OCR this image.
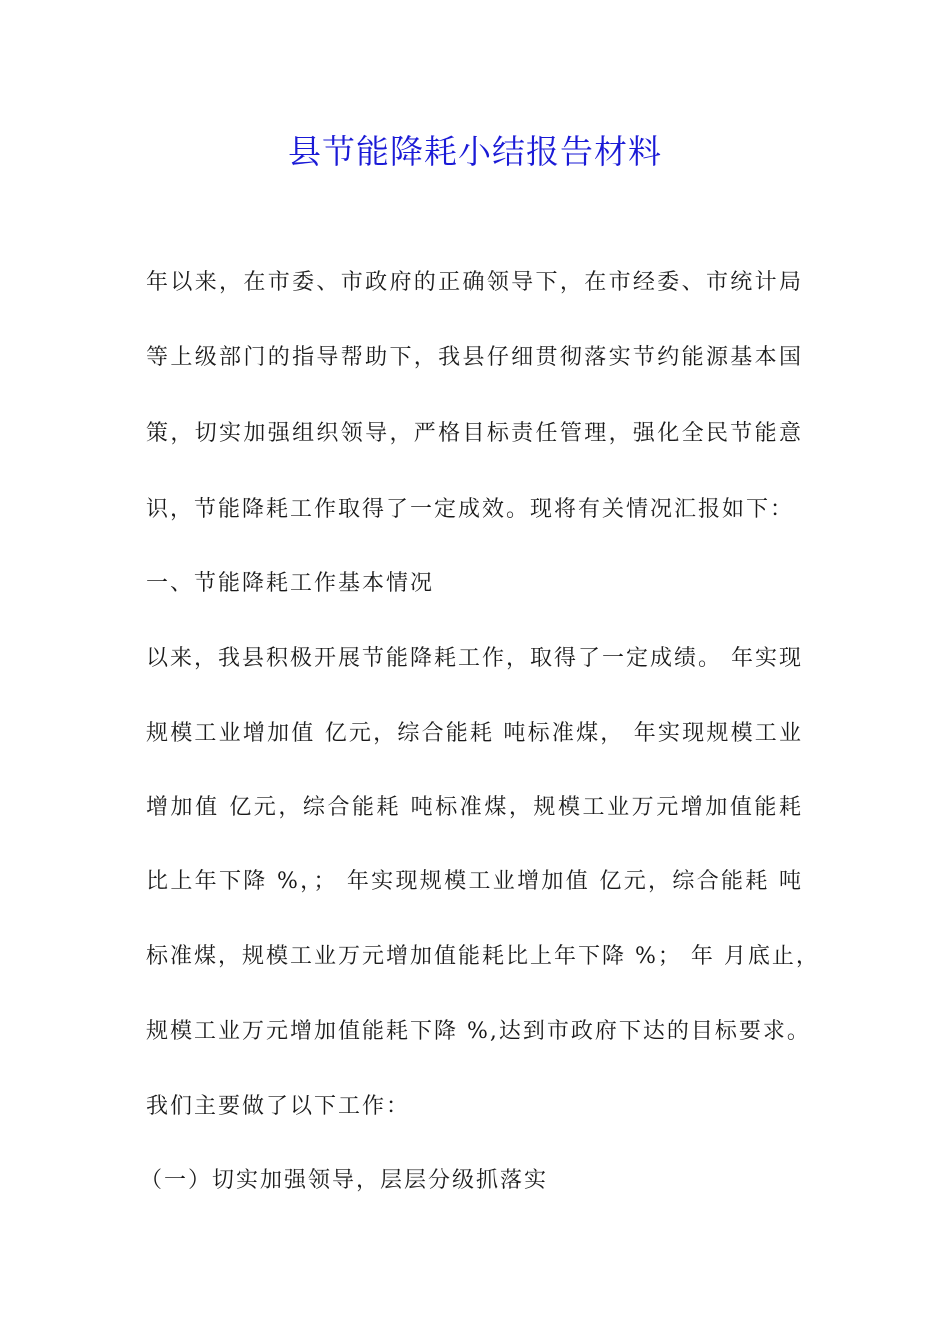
县节能降耗小结报告材料

年以来，在市委、市政府的正确领导下，在市经委、市统计局

等上级部门的指导帮助下，我县仔细贯彻落实节约能源基本国

策，切实加强组织领导，严格目标责任管理，强化全民节能意

识，节能降耗工作取得了一定成效。现将有关情况汇报如下：

一、节能降耗工作基本情况

以来，我县积极开展节能降耗工作，取得了一定成绩。 年实现

规模工业增加值 亿元，综合能耗 吨标准煤， 年实现规模工业

增加值 亿元，综合能耗 吨标准煤，规模工业万元增加值能耗

比上年下降 %，； 年实现规模工业增加值 亿元，综合能耗 吨

标准煤，规模工业万元增加值能耗比上年下降 %； 年 月底止，

规模工业万元增加值能耗下降 %,达到市政府下达的目标要求。

我们主要做了以下工作：

（一）切实加强领导，层层分级抓落实
